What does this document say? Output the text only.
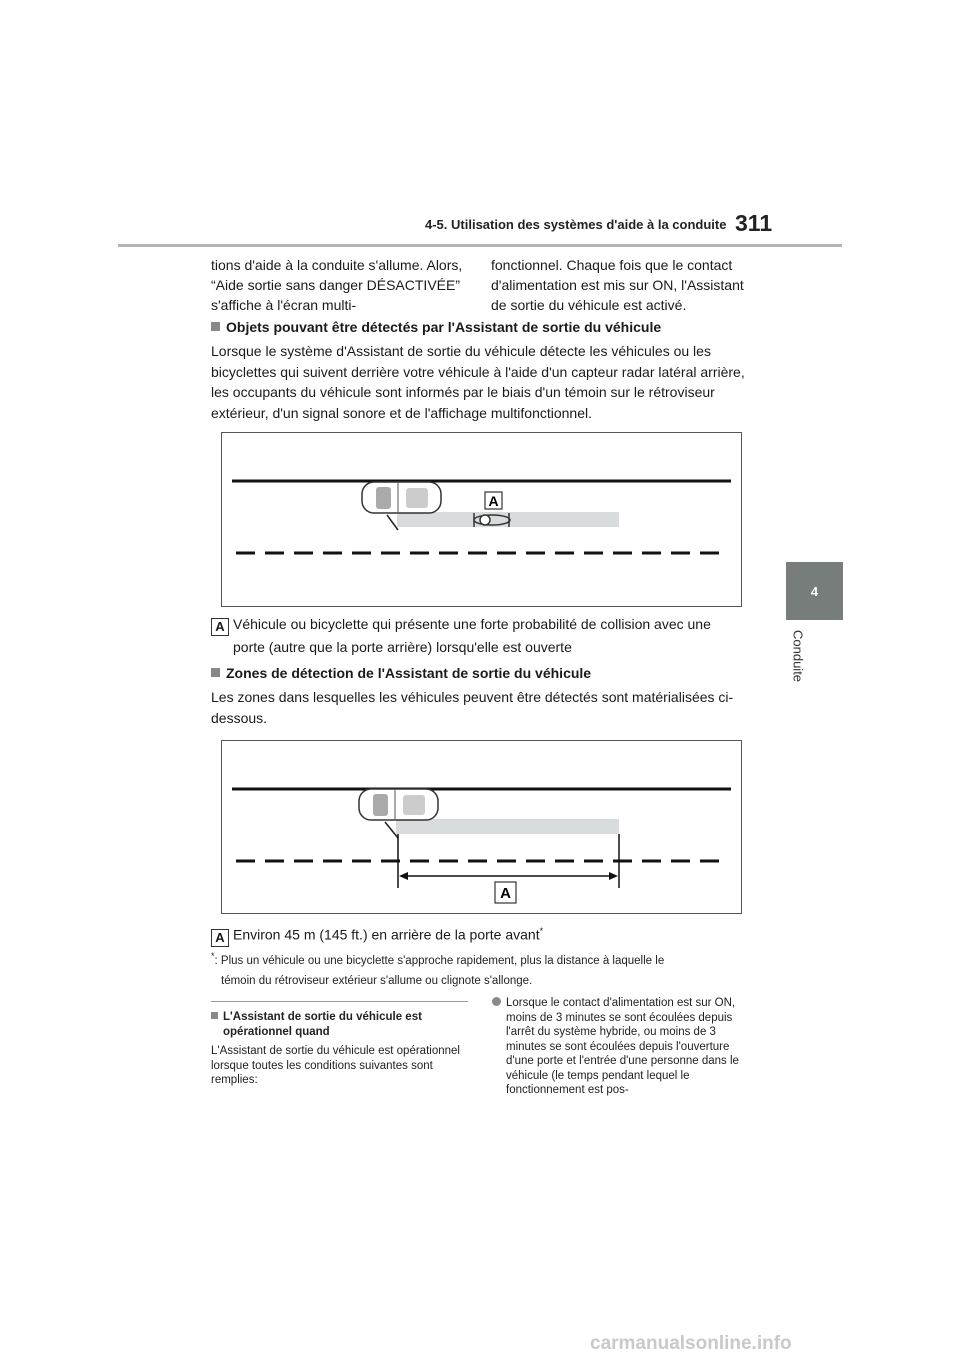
4-5. Utilisation des systèmes d'aide à la conduite 311
4
Conduite
tions d'aide à la conduite s'allume. Alors, “Aide sortie sans danger DÉSACTIVÉE” s'affiche à l'écran multi-
fonctionnel. Chaque fois que le contact d'alimentation est mis sur ON, l'Assistant de sortie du véhicule est activé.
Objets pouvant être détectés par l'Assistant de sortie du véhicule
Lorsque le système d'Assistant de sortie du véhicule détecte les véhicules ou les bicyclettes qui suivent derrière votre véhicule à l'aide d'un capteur radar latéral arrière, les occupants du véhicule sont informés par le biais d'un témoin sur le rétroviseur extérieur, d'un signal sonore et de l'affichage multifonctionnel.
A
A Véhicule ou bicyclette qui présente une forte probabilité de collision avec une
porte (autre que la porte arrière) lorsqu'elle est ouverte
Zones de détection de l'Assistant de sortie du véhicule
Les zones dans lesquelles les véhicules peuvent être détectés sont matérialisées ci-dessous.
A
A Environ 45 m (145 ft.) en arrière de la porte avant*
*: Plus un véhicule ou une bicyclette s'approche rapidement, plus la distance à laquelle le
témoin du rétroviseur extérieur s'allume ou clignote s'allonge.
L'Assistant de sortie du véhicule est opérationnel quand
L'Assistant de sortie du véhicule est opérationnel lorsque toutes les conditions suivantes sont remplies:
Lorsque le contact d'alimentation est sur ON, moins de 3 minutes se sont écoulées depuis l'arrêt du système hybride, ou moins de 3 minutes se sont écoulées depuis l'ouverture d'une porte et l'entrée d'une personne dans le véhicule (le temps pendant lequel le fonctionnement est pos-
carmanualsonline.info
